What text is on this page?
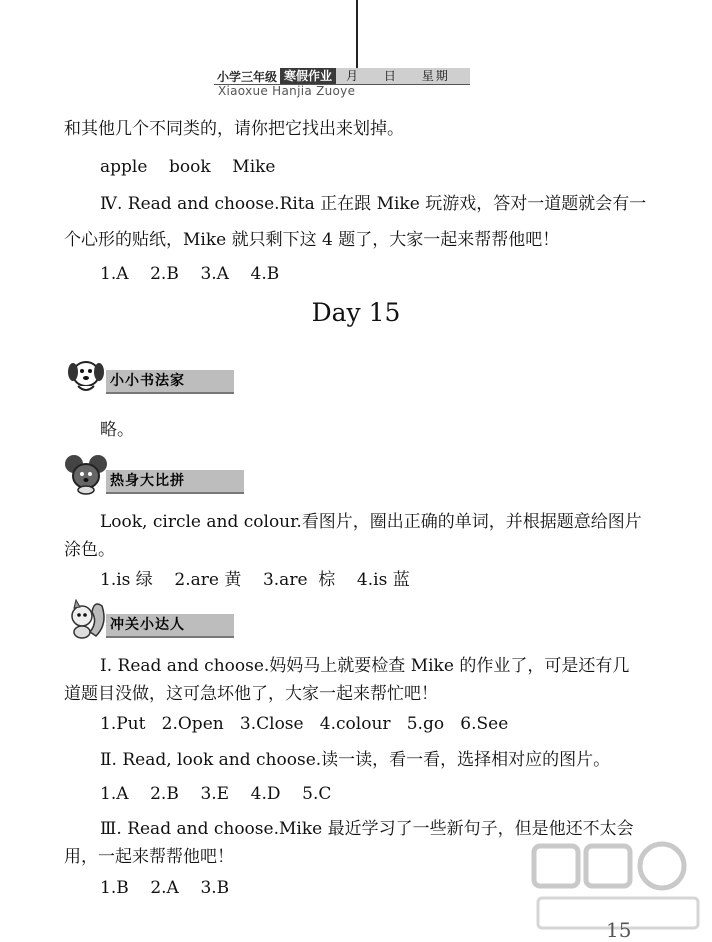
小学三年级 寒假作业	月 日 星期
Xiaoxue Hanjia Zuoye
和其他几个不同类的，请你把它找出来划掉。
apple    book    Mike
Ⅳ. Read and choose.Rita 正在跟 Mike 玩游戏，答对一道题就会有一
个心形的贴纸，Mike 就只剩下这 4 题了，大家一起来帮帮他吧！
1.A    2.B    3.A    4.B
Day 15
小小书法家
略。
热身大比拼
Look, circle and colour.看图片，圈出正确的单词，并根据题意给图片
涂色。
1.is 绿    2.are 黄    3.are  棕    4.is 蓝
冲关小达人
Ⅰ. Read and choose.妈妈马上就要检查 Mike 的作业了，可是还有几
道题目没做，这可急坏他了，大家一起来帮忙吧！
1.Put   2.Open   3.Close   4.colour   5.go   6.See
Ⅱ. Read, look and choose.读一读，看一看，选择相对应的图片。
1.A    2.B    3.E    4.D    5.C
Ⅲ. Read and choose.Mike 最近学习了一些新句子，但是他还不太会
用，一起来帮帮他吧！
1.B    2.A    3.B
15
